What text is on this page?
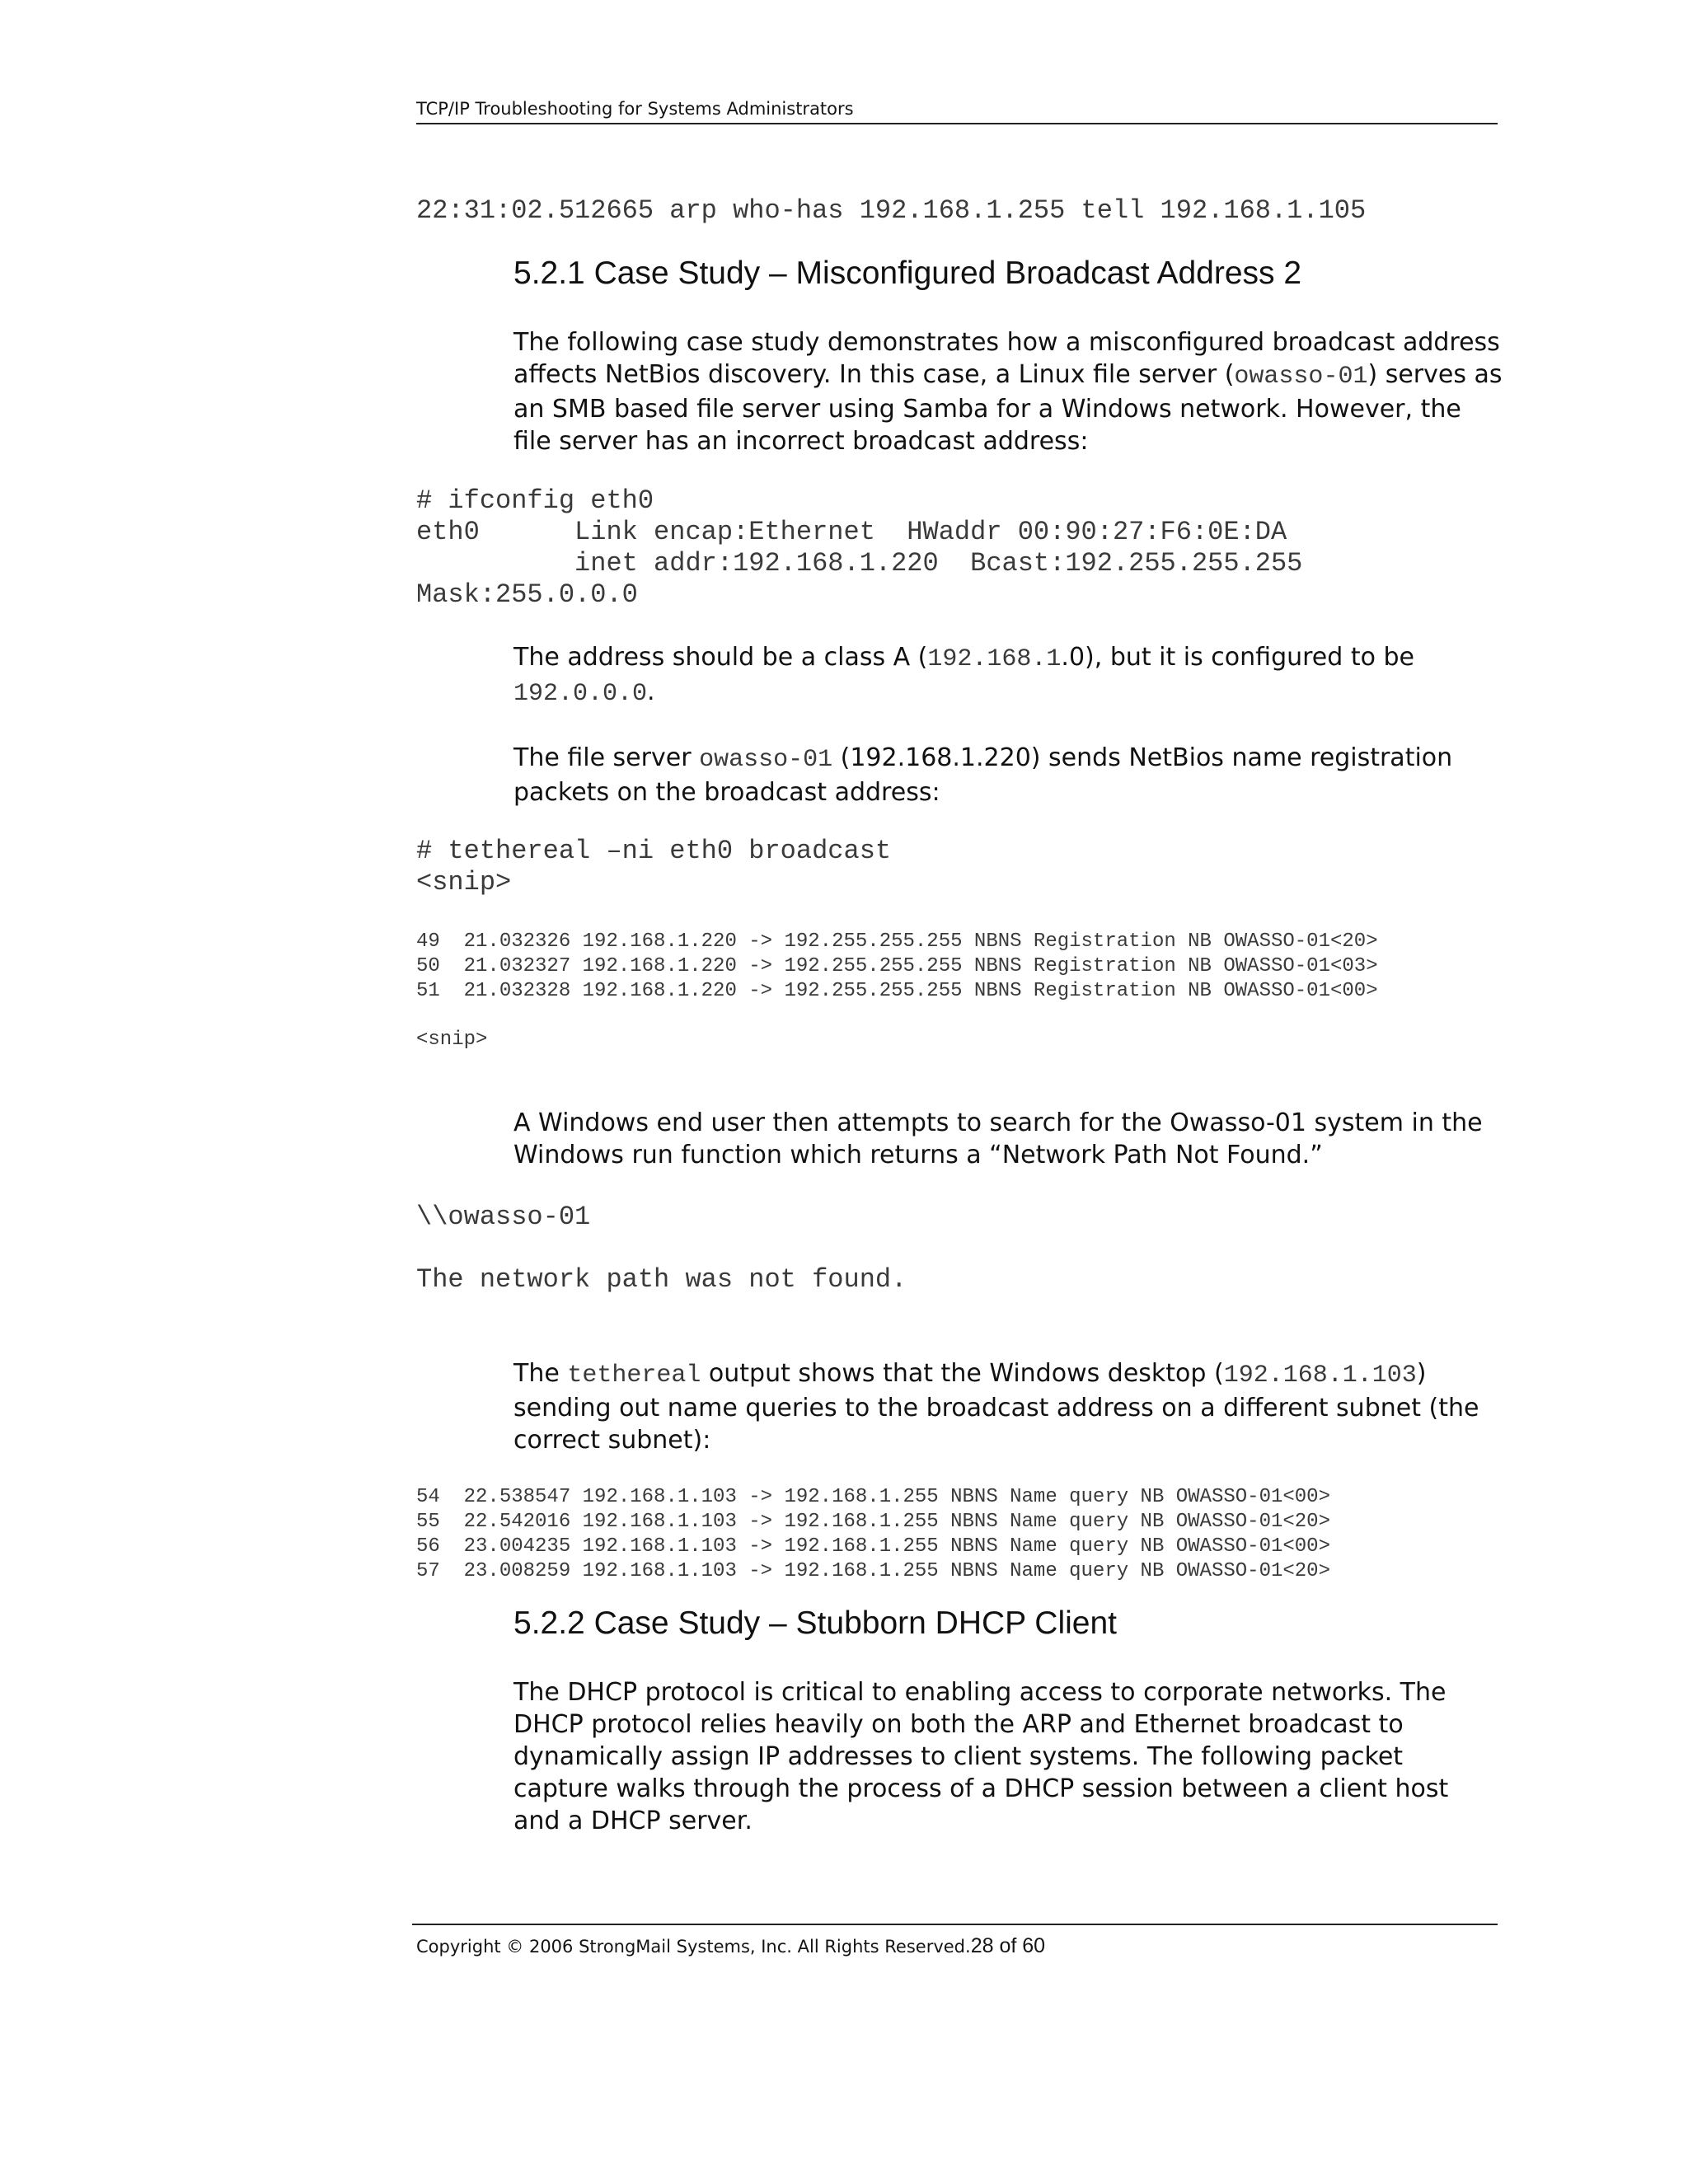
TCP/IP Troubleshooting for Systems Administrators
22:31:02.512665 arp who-has 192.168.1.255 tell 192.168.1.105
5.2.1 Case Study – Misconfigured Broadcast Address 2
The following case study demonstrates how a misconfigured broadcast address affects NetBios discovery. In this case, a Linux file server (owasso-01) serves as an SMB based file server using Samba for a Windows network. However, the file server has an incorrect broadcast address:
# ifconfig eth0
eth0      Link encap:Ethernet  HWaddr 00:90:27:F6:0E:DA
inet addr:192.168.1.220  Bcast:192.255.255.255
Mask:255.0.0.0
The address should be a class A (192.168.1.0), but it is configured to be
192.0.0.0.
The file server owasso-01 (192.168.1.220) sends NetBios name registration packets on the broadcast address:
# tethereal –ni eth0 broadcast
<snip>
49  21.032326 192.168.1.220 -> 192.255.255.255 NBNS Registration NB OWASSO-01<20>
50  21.032327 192.168.1.220 -> 192.255.255.255 NBNS Registration NB OWASSO-01<03>
51  21.032328 192.168.1.220 -> 192.255.255.255 NBNS Registration NB OWASSO-01<00>
<snip>
A Windows end user then attempts to search for the Owasso-01 system in the Windows run function which returns a “Network Path Not Found.”
\\owasso-01
The network path was not found.
The tethereal output shows that the Windows desktop (192.168.1.103) sending out name queries to the broadcast address on a different subnet (the correct subnet):
54  22.538547 192.168.1.103 -> 192.168.1.255 NBNS Name query NB OWASSO-01<00>
55  22.542016 192.168.1.103 -> 192.168.1.255 NBNS Name query NB OWASSO-01<20>
56  23.004235 192.168.1.103 -> 192.168.1.255 NBNS Name query NB OWASSO-01<00>
57  23.008259 192.168.1.103 -> 192.168.1.255 NBNS Name query NB OWASSO-01<20>
5.2.2 Case Study – Stubborn DHCP Client
The DHCP protocol is critical to enabling access to corporate networks. The DHCP protocol relies heavily on both the ARP and Ethernet broadcast to dynamically assign IP addresses to client systems. The following packet capture walks through the process of a DHCP session between a client host and a DHCP server.
Copyright © 2006 StrongMail Systems, Inc. All Rights Reserved.28 of 60
